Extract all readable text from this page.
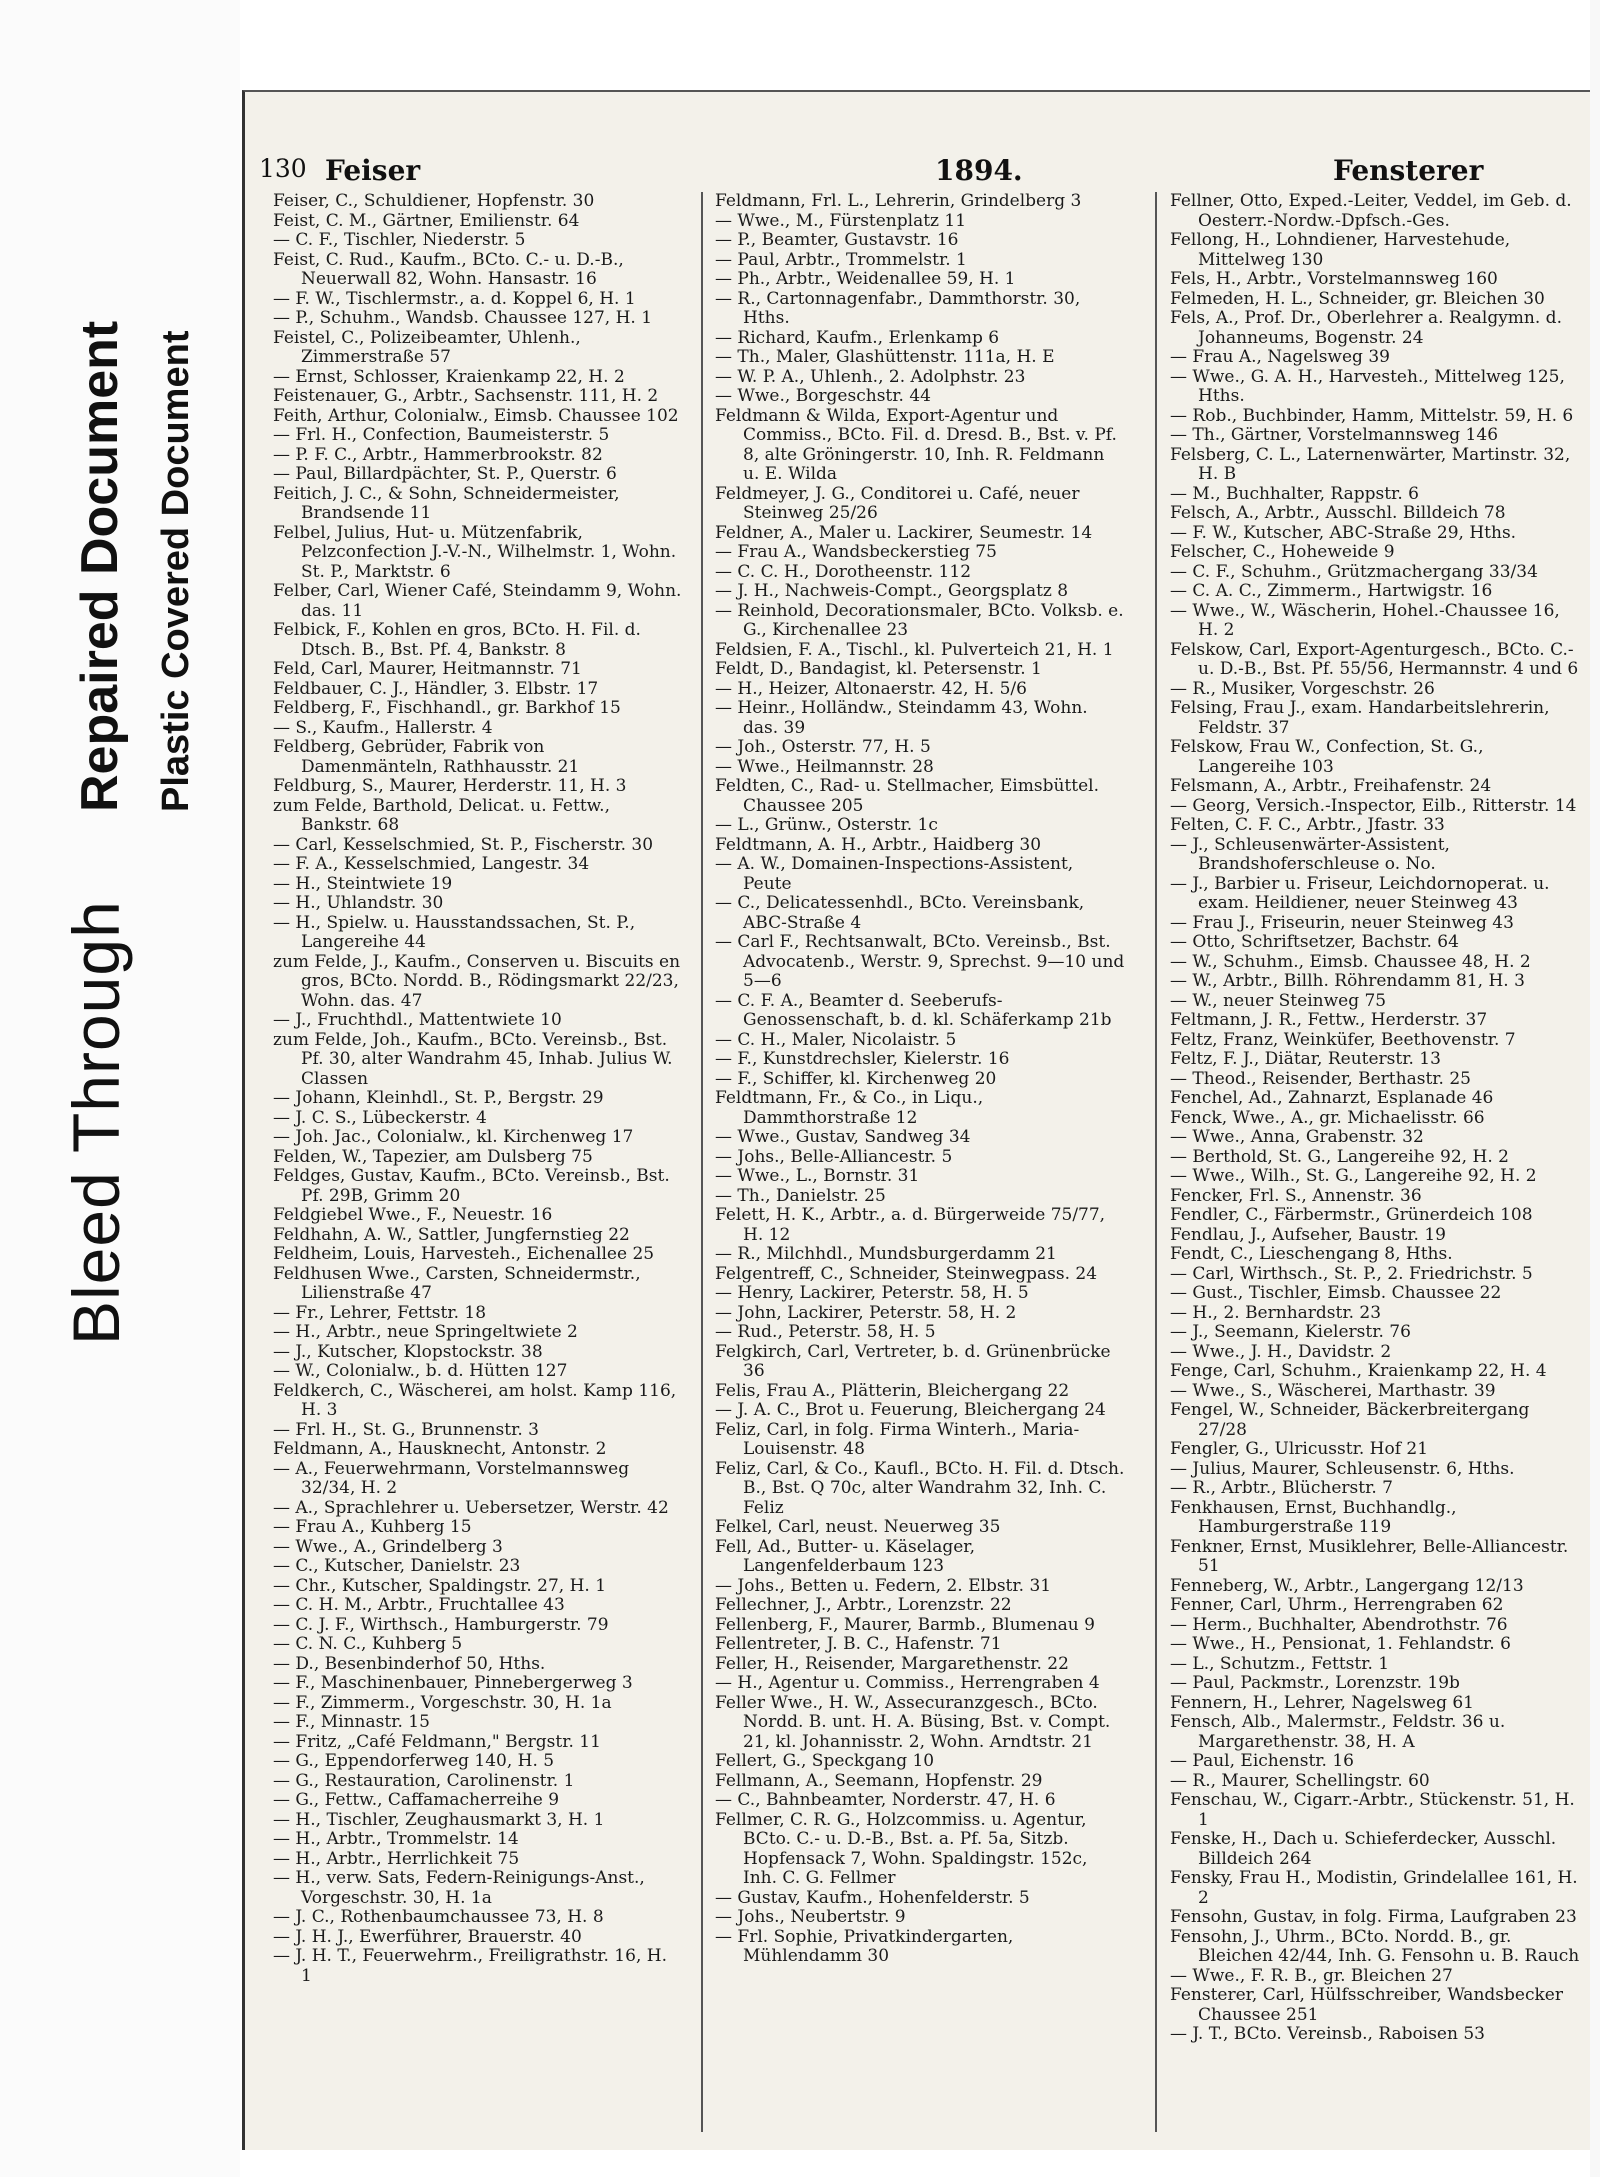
Bleed Through
Repaired Document Plastic Covered Document
130 Feiser	1894.	Fensterer
Feiser, C., Schuldiener, Hopfenstr. 30
Feist, C. M., Gärtner, Emilienstr. 64
— C. F., Tischler, Niederstr. 5
Feist, C. Rud., Kaufm., BCto. C.- u. D.-B., Neuerwall 82, Wohn. Hansastr. 16
— F. W., Tischlermstr., a. d. Koppel 6, H. 1
— P., Schuhm., Wandsb. Chaussee 127, H. 1
Feistel, C., Polizeibeamter, Uhlenh., Zimmerstraße 57
— Ernst, Schlosser, Kraienkamp 22, H. 2
Feistenauer, G., Arbtr., Sachsenstr. 111, H. 2
Feith, Arthur, Colonialw., Eimsb. Chaussee 102
— Frl. H., Confection, Baumeisterstr. 5
— P. F. C., Arbtr., Hammerbrookstr. 82
— Paul, Billardpächter, St. P., Querstr. 6
Feitich, J. C., & Sohn, Schneidermeister, Brandsende 11
Felbel, Julius, Hut- u. Mützenfabrik, Pelzconfection J.-V.-N., Wilhelmstr. 1, Wohn. St. P., Marktstr. 6
Felber, Carl, Wiener Café, Steindamm 9, Wohn. das. 11
Felbick, F., Kohlen en gros, BCto. H. Fil. d. Dtsch. B., Bst. Pf. 4, Bankstr. 8
Feld, Carl, Maurer, Heitmannstr. 71
Feldbauer, C. J., Händler, 3. Elbstr. 17
Feldberg, F., Fischhandl., gr. Barkhof 15
— S., Kaufm., Hallerstr. 4
Feldberg, Gebrüder, Fabrik von Damenmänteln, Rathhausstr. 21
Feldburg, S., Maurer, Herderstr. 11, H. 3
zum Felde, Barthold, Delicat. u. Fettw., Bankstr. 68
— Carl, Kesselschmied, St. P., Fischerstr. 30
— F. A., Kesselschmied, Langestr. 34
— H., Steintwiete 19
— H., Uhlandstr. 30
— H., Spielw. u. Hausstandssachen, St. P., Langereihe 44
zum Felde, J., Kaufm., Conserven u. Biscuits en gros, BCto. Nordd. B., Rödingsmarkt 22/23, Wohn. das. 47
— J., Fruchthdl., Mattentwiete 10
zum Felde, Joh., Kaufm., BCto. Vereinsb., Bst. Pf. 30, alter Wandrahm 45, Inhab. Julius W. Classen
— Johann, Kleinhdl., St. P., Bergstr. 29
— J. C. S., Lübeckerstr. 4
— Joh. Jac., Colonialw., kl. Kirchenweg 17
Felden, W., Tapezier, am Dulsberg 75
Feldges, Gustav, Kaufm., BCto. Vereinsb., Bst. Pf. 29B, Grimm 20
Feldgiebel Wwe., F., Neuestr. 16
Feldhahn, A. W., Sattler, Jungfernstieg 22
Feldheim, Louis, Harvesteh., Eichenallee 25
Feldhusen Wwe., Carsten, Schneidermstr., Lilienstraße 47
— Fr., Lehrer, Fettstr. 18
— H., Arbtr., neue Springeltwiete 2
— J., Kutscher, Klopstockstr. 38
— W., Colonialw., b. d. Hütten 127
Feldkerch, C., Wäscherei, am holst. Kamp 116, H. 3
— Frl. H., St. G., Brunnenstr. 3
Feldmann, A., Hausknecht, Antonstr. 2
— A., Feuerwehrmann, Vorstelmannsweg 32/34, H. 2
— A., Sprachlehrer u. Uebersetzer, Werstr. 42
— Frau A., Kuhberg 15
— Wwe., A., Grindelberg 3
— C., Kutscher, Danielstr. 23
— Chr., Kutscher, Spaldingstr. 27, H. 1
— C. H. M., Arbtr., Fruchtallee 43
— C. J. F., Wirthsch., Hamburgerstr. 79
— C. N. C., Kuhberg 5
— D., Besenbinderhof 50, Hths.
— F., Maschinenbauer, Pinnebergerweg 3
— F., Zimmerm., Vorgeschstr. 30, H. 1a
— F., Minnastr. 15
— Fritz, „Café Feldmann," Bergstr. 11
— G., Eppendorferweg 140, H. 5
— G., Restauration, Carolinenstr. 1
— G., Fettw., Caffamacherreihe 9
— H., Tischler, Zeughausmarkt 3, H. 1
— H., Arbtr., Trommelstr. 14
— H., Arbtr., Herrlichkeit 75
— H., verw. Sats, Federn-Reinigungs-Anst., Vorgeschstr. 30, H. 1a
— J. C., Rothenbaumchaussee 73, H. 8
— J. H. J., Ewerführer, Brauerstr. 40
— J. H. T., Feuerwehrm., Freiligrathstr. 16, H. 1
Feldmann, Frl. L., Lehrerin, Grindelberg 3
— Wwe., M., Fürstenplatz 11
— P., Beamter, Gustavstr. 16
— Paul, Arbtr., Trommelstr. 1
— Ph., Arbtr., Weidenallee 59, H. 1
— R., Cartonnagenfabr., Dammthorstr. 30, Hths.
— Richard, Kaufm., Erlenkamp 6
— Th., Maler, Glashüttenstr. 111a, H. E
— W. P. A., Uhlenh., 2. Adolphstr. 23
— Wwe., Borgeschstr. 44
Feldmann & Wilda, Export-Agentur und Commiss., BCto. Fil. d. Dresd. B., Bst. v. Pf. 8, alte Gröningerstr. 10, Inh. R. Feldmann u. E. Wilda
Feldmeyer, J. G., Conditorei u. Café, neuer Steinweg 25/26
Feldner, A., Maler u. Lackirer, Seumestr. 14
— Frau A., Wandsbeckerstieg 75
— C. C. H., Dorotheenstr. 112
— J. H., Nachweis-Compt., Georgsplatz 8
— Reinhold, Decorationsmaler, BCto. Volksb. e. G., Kirchenallee 23
Feldsien, F. A., Tischl., kl. Pulverteich 21, H. 1
Feldt, D., Bandagist, kl. Petersenstr. 1
— H., Heizer, Altonaerstr. 42, H. 5/6
— Heinr., Holländw., Steindamm 43, Wohn. das. 39
— Joh., Osterstr. 77, H. 5
— Wwe., Heilmannstr. 28
Feldten, C., Rad- u. Stellmacher, Eimsbüttel. Chaussee 205
— L., Grünw., Osterstr. 1c
Feldtmann, A. H., Arbtr., Haidberg 30
— A. W., Domainen-Inspections-Assistent, Peute
— C., Delicatessenhdl., BCto. Vereinsbank, ABC-Straße 4
— Carl F., Rechtsanwalt, BCto. Vereinsb., Bst. Advocatenb., Werstr. 9, Sprechst. 9—10 und 5—6
— C. F. A., Beamter d. Seeberufs-Genossenschaft, b. d. kl. Schäferkamp 21b
— C. H., Maler, Nicolaistr. 5
— F., Kunstdrechsler, Kielerstr. 16
— F., Schiffer, kl. Kirchenweg 20
Feldtmann, Fr., & Co., in Liqu., Dammthorstraße 12
— Wwe., Gustav, Sandweg 34
— Johs., Belle-Alliancestr. 5
— Wwe., L., Bornstr. 31
— Th., Danielstr. 25
Felett, H. K., Arbtr., a. d. Bürgerweide 75/77, H. 12
— R., Milchhdl., Mundsburgerdamm 21
Felgentreff, C., Schneider, Steinwegpass. 24
— Henry, Lackirer, Peterstr. 58, H. 5
— John, Lackirer, Peterstr. 58, H. 2
— Rud., Peterstr. 58, H. 5
Felgkirch, Carl, Vertreter, b. d. Grünenbrücke 36
Felis, Frau A., Plätterin, Bleichergang 22
— J. A. C., Brot u. Feuerung, Bleichergang 24
Feliz, Carl, in folg. Firma Winterh., Maria-Louisenstr. 48
Feliz, Carl, & Co., Kaufl., BCto. H. Fil. d. Dtsch. B., Bst. Q 70c, alter Wandrahm 32, Inh. C. Feliz
Felkel, Carl, neust. Neuerweg 35
Fell, Ad., Butter- u. Käselager, Langenfelderbaum 123
— Johs., Betten u. Federn, 2. Elbstr. 31
Fellechner, J., Arbtr., Lorenzstr. 22
Fellenberg, F., Maurer, Barmb., Blumenau 9
Fellentreter, J. B. C., Hafenstr. 71
Feller, H., Reisender, Margarethenstr. 22
— H., Agentur u. Commiss., Herrengraben 4
Feller Wwe., H. W., Assecuranzgesch., BCto. Nordd. B. unt. H. A. Büsing, Bst. v. Compt. 21, kl. Johannisstr. 2, Wohn. Arndtstr. 21
Fellert, G., Speckgang 10
Fellmann, A., Seemann, Hopfenstr. 29
— C., Bahnbeamter, Norderstr. 47, H. 6
Fellmer, C. R. G., Holzcommiss. u. Agentur, BCto. C.- u. D.-B., Bst. a. Pf. 5a, Sitzb. Hopfensack 7, Wohn. Spaldingstr. 152c, Inh. C. G. Fellmer
— Gustav, Kaufm., Hohenfelderstr. 5
— Johs., Neubertstr. 9
— Frl. Sophie, Privatkindergarten, Mühlendamm 30
Fellner, Otto, Exped.-Leiter, Veddel, im Geb. d. Oesterr.-Nordw.-Dpfsch.-Ges.
Fellong, H., Lohndiener, Harvestehude, Mittelweg 130
Fels, H., Arbtr., Vorstelmannsweg 160
Felmeden, H. L., Schneider, gr. Bleichen 30
Fels, A., Prof. Dr., Oberlehrer a. Realgymn. d. Johanneums, Bogenstr. 24
— Frau A., Nagelsweg 39
— Wwe., G. A. H., Harvesteh., Mittelweg 125, Hths.
— Rob., Buchbinder, Hamm, Mittelstr. 59, H. 6
— Th., Gärtner, Vorstelmannsweg 146
Felsberg, C. L., Laternenwärter, Martinstr. 32, H. B
— M., Buchhalter, Rappstr. 6
Felsch, A., Arbtr., Ausschl. Billdeich 78
— F. W., Kutscher, ABC-Straße 29, Hths.
Felscher, C., Hoheweide 9
— C. F., Schuhm., Grützmachergang 33/34
— C. A. C., Zimmerm., Hartwigstr. 16
— Wwe., W., Wäscherin, Hohel.-Chaussee 16, H. 2
Felskow, Carl, Export-Agenturgesch., BCto. C.- u. D.-B., Bst. Pf. 55/56, Hermannstr. 4 und 6
— R., Musiker, Vorgeschstr. 26
Felsing, Frau J., exam. Handarbeitslehrerin, Feldstr. 37
Felskow, Frau W., Confection, St. G., Langereihe 103
Felsmann, A., Arbtr., Freihafenstr. 24
— Georg, Versich.-Inspector, Eilb., Ritterstr. 14
Felten, C. F. C., Arbtr., Jfastr. 33
— J., Schleusenwärter-Assistent, Brandshoferschleuse o. No.
— J., Barbier u. Friseur, Leichdornoperat. u. exam. Heildiener, neuer Steinweg 43
— Frau J., Friseurin, neuer Steinweg 43
— Otto, Schriftsetzer, Bachstr. 64
— W., Schuhm., Eimsb. Chaussee 48, H. 2
— W., Arbtr., Billh. Röhrendamm 81, H. 3
— W., neuer Steinweg 75
Feltmann, J. R., Fettw., Herderstr. 37
Feltz, Franz, Weinküfer, Beethovenstr. 7
Feltz, F. J., Diätar, Reuterstr. 13
— Theod., Reisender, Berthastr. 25
Fenchel, Ad., Zahnarzt, Esplanade 46
Fenck, Wwe., A., gr. Michaelisstr. 66
— Wwe., Anna, Grabenstr. 32
— Berthold, St. G., Langereihe 92, H. 2
— Wwe., Wilh., St. G., Langereihe 92, H. 2
Fencker, Frl. S., Annenstr. 36
Fendler, C., Färbermstr., Grünerdeich 108
Fendlau, J., Aufseher, Baustr. 19
Fendt, C., Lieschengang 8, Hths.
— Carl, Wirthsch., St. P., 2. Friedrichstr. 5
— Gust., Tischler, Eimsb. Chaussee 22
— H., 2. Bernhardstr. 23
— J., Seemann, Kielerstr. 76
— Wwe., J. H., Davidstr. 2
Fenge, Carl, Schuhm., Kraienkamp 22, H. 4
— Wwe., S., Wäscherei, Marthastr. 39
Fengel, W., Schneider, Bäckerbreitergang 27/28
Fengler, G., Ulricusstr. Hof 21
— Julius, Maurer, Schleusenstr. 6, Hths.
— R., Arbtr., Blücherstr. 7
Fenkhausen, Ernst, Buchhandlg., Hamburgerstraße 119
Fenkner, Ernst, Musiklehrer, Belle-Alliancestr. 51
Fenneberg, W., Arbtr., Langergang 12/13
Fenner, Carl, Uhrm., Herrengraben 62
— Herm., Buchhalter, Abendrothstr. 76
— Wwe., H., Pensionat, 1. Fehlandstr. 6
— L., Schutzm., Fettstr. 1
— Paul, Packmstr., Lorenzstr. 19b
Fennern, H., Lehrer, Nagelsweg 61
Fensch, Alb., Malermstr., Feldstr. 36 u. Margarethenstr. 38, H. A
— Paul, Eichenstr. 16
— R., Maurer, Schellingstr. 60
Fenschau, W., Cigarr.-Arbtr., Stückenstr. 51, H. 1
Fenske, H., Dach u. Schieferdecker, Ausschl. Billdeich 264
Fensky, Frau H., Modistin, Grindelallee 161, H. 2
Fensohn, Gustav, in folg. Firma, Laufgraben 23
Fensohn, J., Uhrm., BCto. Nordd. B., gr. Bleichen 42/44, Inh. G. Fensohn u. B. Rauch
— Wwe., F. R. B., gr. Bleichen 27
Fensterer, Carl, Hülfsschreiber, Wandsbecker Chaussee 251
— J. T., BCto. Vereinsb., Raboisen 53
